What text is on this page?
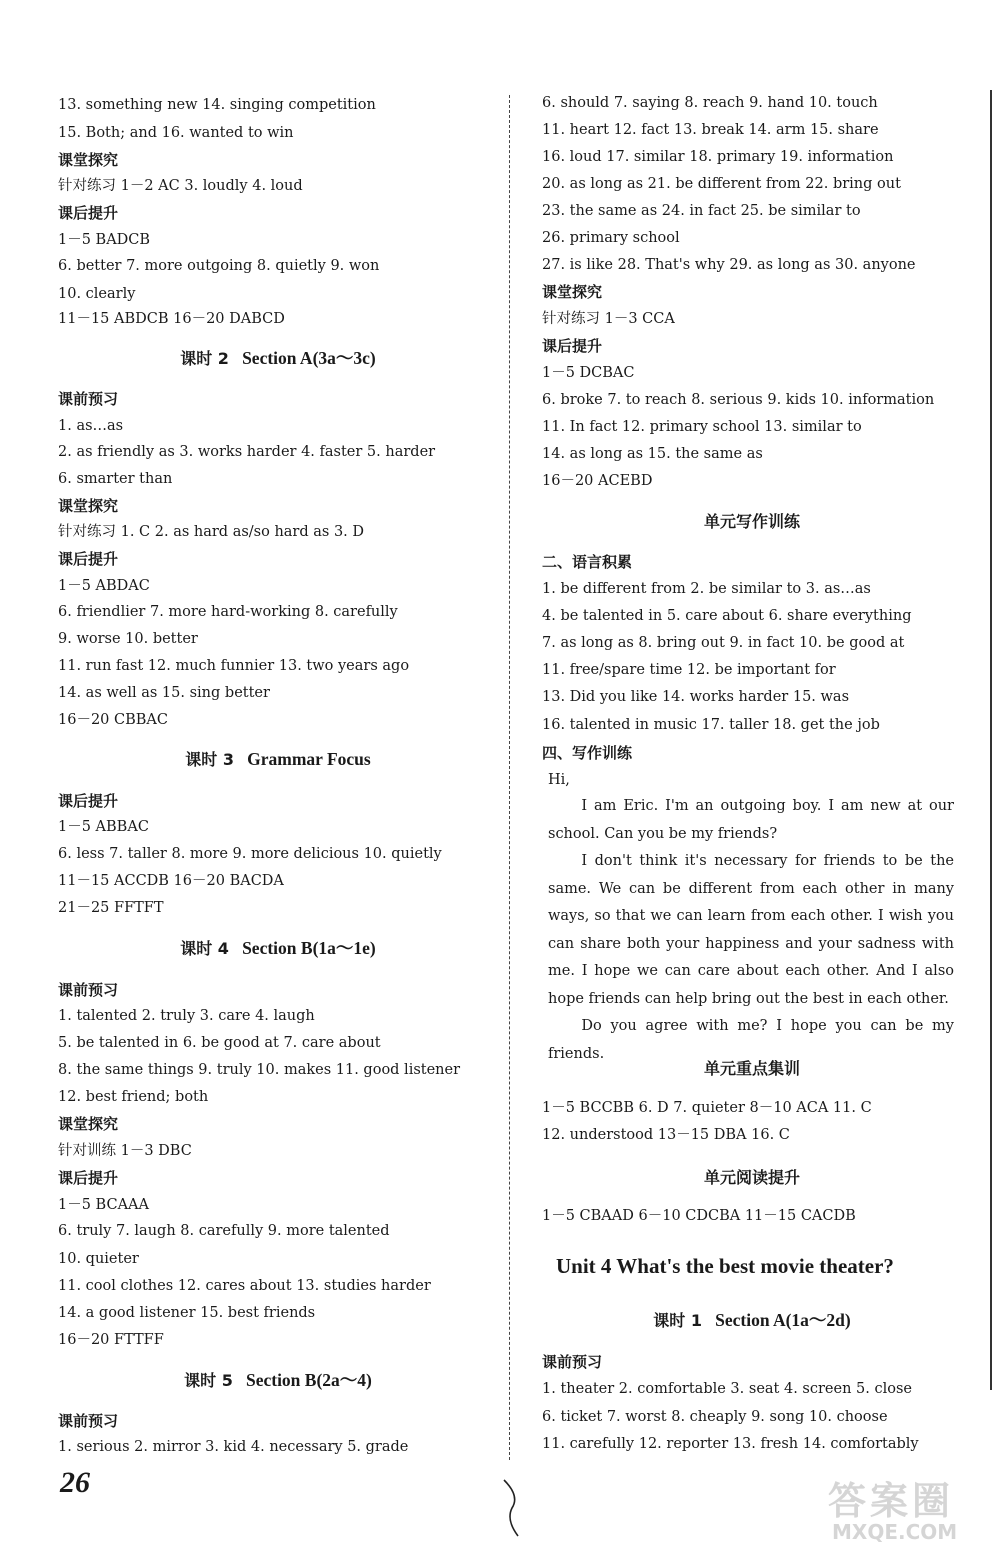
13. something new 14. singing competition
15. Both; and 16. wanted to win
课堂探究
针对练习 1－2 AC 3. loudly 4. loud
课后提升
1－5 BADCB
6. better 7. more outgoing 8. quietly 9. won
10. clearly
11－15 ABDCB 16－20 DABCD
课时 2 Section A(3a～3c)
课前预习
1. as…as
2. as friendly as 3. works harder 4. faster 5. harder
6. smarter than
课堂探究
针对练习 1. C 2. as hard as/so hard as 3. D
课后提升
1－5 ABDAC
6. friendlier 7. more hard-working 8. carefully
9. worse 10. better
11. run fast 12. much funnier 13. two years ago
14. as well as 15. sing better
16－20 CBBAC
课时 3 Grammar Focus
课后提升
1－5 ABBAC
6. less 7. taller 8. more 9. more delicious 10. quietly
11－15 ACCDB 16－20 BACDA
21－25 FFTFT
课时 4 Section B(1a～1e)
课前预习
1. talented 2. truly 3. care 4. laugh
5. be talented in 6. be good at 7. care about
8. the same things 9. truly 10. makes 11. good listener
12. best friend; both
课堂探究
针对训练 1－3 DBC
课后提升
1－5 BCAAA
6. truly 7. laugh 8. carefully 9. more talented
10. quieter
11. cool clothes 12. cares about 13. studies harder
14. a good listener 15. best friends
16－20 FTTFF
课时 5 Section B(2a～4)
课前预习
1. serious 2. mirror 3. kid 4. necessary 5. grade
6. should 7. saying 8. reach 9. hand 10. touch
11. heart 12. fact 13. break 14. arm 15. share
16. loud 17. similar 18. primary 19. information
20. as long as 21. be different from 22. bring out
23. the same as 24. in fact 25. be similar to
26. primary school
27. is like 28. That's why 29. as long as 30. anyone
课堂探究
针对练习 1－3 CCA
课后提升
1－5 DCBAC
6. broke 7. to reach 8. serious 9. kids 10. information
11. In fact 12. primary school 13. similar to
14. as long as 15. the same as
16－20 ACEBD
单元写作训练
二、语言积累
1. be different from 2. be similar to 3. as…as
4. be talented in 5. care about 6. share everything
7. as long as 8. bring out 9. in fact 10. be good at
11. free/spare time 12. be important for
13. Did you like 14. works harder 15. was
16. talented in music 17. taller 18. get the job
四、写作训练
Hi,

I am Eric. I'm an outgoing boy. I am new at our school. Can you be my friends?

I don't think it's necessary for friends to be the same. We can be different from each other in many ways, so that we can learn from each other. I wish you can share both your happiness and your sadness with me. I hope we can care about each other. And I also hope friends can help bring out the best in each other.

Do you agree with me? I hope you can be my friends.

单元重点集训
1－5 BCCBB 6. D 7. quieter 8－10 ACA 11. C
12. understood 13－15 DBA 16. C
单元阅读提升
1－5 CBAAD 6－10 CDCBA 11－15 CACDB
Unit 4 What's the best movie theater?
课时 1 Section A(1a～2d)
课前预习
1. theater 2. comfortable 3. seat 4. screen 5. close
6. ticket 7. worst 8. cheaply 9. song 10. choose
11. carefully 12. reporter 13. fresh 14. comfortably
26	答案圈
MXQE.COM
